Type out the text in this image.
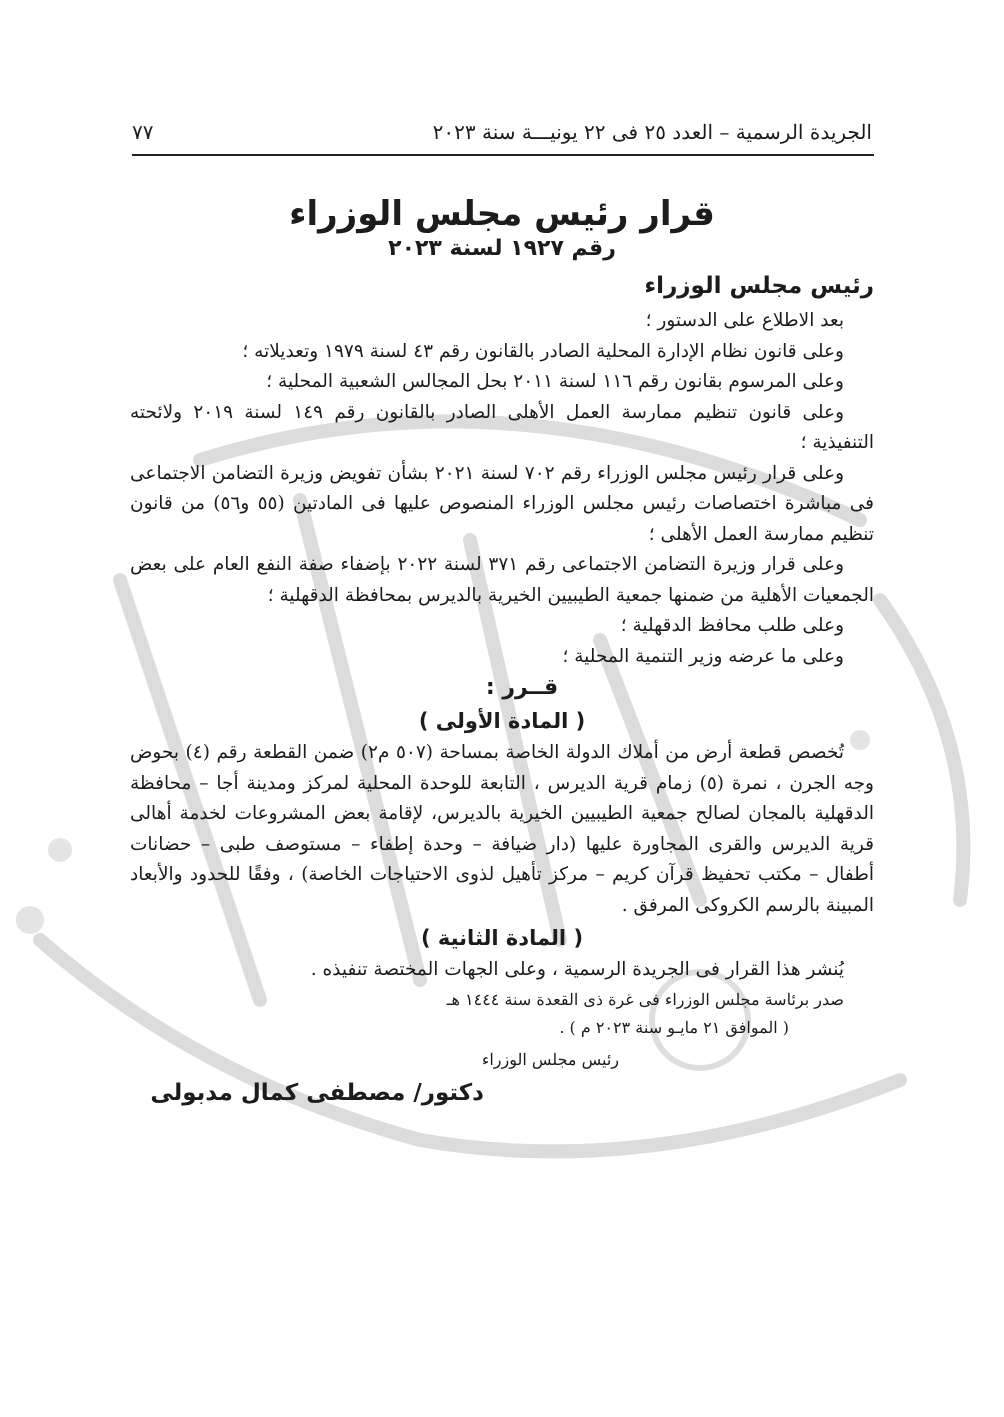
الجريدة الرسمية – العدد ٢٥ فى ٢٢ يونيـــة سنة ٢٠٢٣
٧٧
قرار رئيس مجلس الوزراء
رقم ١٩٢٧ لسنة ٢٠٢٣
رئيس مجلس الوزراء

بعد الاطلاع على الدستور ؛

وعلى قانون نظام الإدارة المحلية الصادر بالقانون رقم ٤٣ لسنة ١٩٧٩ وتعديلاته ؛

وعلى المرسوم بقانون رقم ١١٦ لسنة ٢٠١١ بحل المجالس الشعبية المحلية ؛

وعلى قانون تنظيم ممارسة العمل الأهلى الصادر بالقانون رقم ١٤٩ لسنة ٢٠١٩ ولائحته التنفيذية ؛

وعلى قرار رئيس مجلس الوزراء رقم ٧٠٢ لسنة ٢٠٢١ بشأن تفويض وزيرة التضامن الاجتماعى فى مباشرة اختصاصات رئيس مجلس الوزراء المنصوص عليها فى المادتين (٥٥ و٥٦) من قانون تنظيم ممارسة العمل الأهلى ؛

وعلى قرار وزيرة التضامن الاجتماعى رقم ٣٧١ لسنة ٢٠٢٢ بإضفاء صفة النفع العام على بعض الجمعيات الأهلية من ضمنها جمعية الطيبيين الخيرية بالديرس بمحافظة الدقهلية ؛

وعلى طلب محافظ الدقهلية ؛

وعلى ما عرضه وزير التنمية المحلية ؛

قــرر :
( المادة الأولى )

تُخصص قطعة أرض من أملاك الدولة الخاصة بمساحة (٥٠٧ م٢) ضمن القطعة رقم (٤) بحوض وجه الجرن ، نمرة (٥) زمام قرية الديرس ، التابعة للوحدة المحلية لمركز ومدينة أجا – محافظة الدقهلية بالمجان لصالح جمعية الطيبيين الخيرية بالديرس، لإقامة بعض المشروعات لخدمة أهالى قرية الديرس والقرى المجاورة عليها (دار ضيافة – وحدة إطفاء – مستوصف طبى – حضانات أطفال – مكتب تحفيظ قرآن كريم – مركز تأهيل لذوى الاحتياجات الخاصة) ، وفقًا للحدود والأبعاد المبينة بالرسم الكروكى المرفق .

( المادة الثانية )

يُنشر هذا القرار فى الجريدة الرسمية ، وعلى الجهات المختصة تنفيذه .

صدر برئاسة مجلس الوزراء فى غرة ذى القعدة سنة ١٤٤٤ هـ
( الموافق ٢١ مايـو سنة ٢٠٢٣ م ) .
رئيس مجلس الوزراء
دكتور/ مصطفى كمال مدبولى
